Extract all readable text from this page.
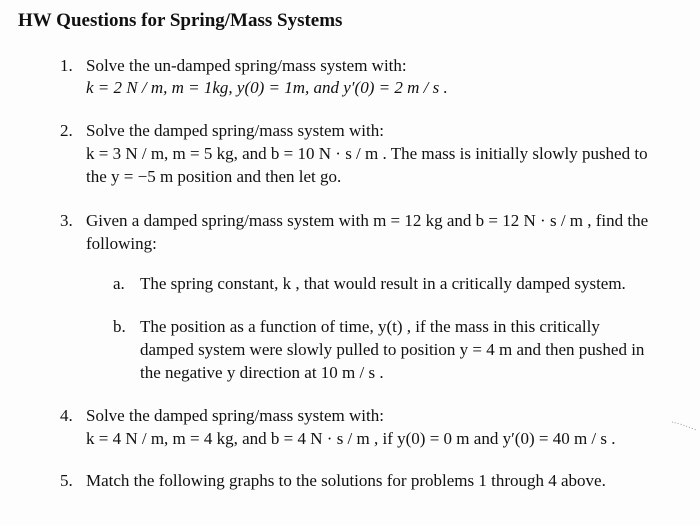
HW Questions for Spring/Mass Systems
1. Solve the un-damped spring/mass system with:
k = 2 N / m, m = 1kg, y(0) = 1m, and y′(0) = 2 m / s .
2. Solve the damped spring/mass system with:
k = 3 N / m, m = 5 kg, and b = 10 N · s / m . The mass is initially slowly pushed to
the y = −5 m position and then let go.
3. Given a damped spring/mass system with m = 12 kg and b = 12 N · s / m , find the
following:
a. The spring constant, k , that would result in a critically damped system.
b. The position as a function of time, y(t) , if the mass in this critically
damped system were slowly pulled to position y = 4 m and then pushed in
the negative y direction at 10 m / s .
4. Solve the damped spring/mass system with:
k = 4 N / m, m = 4 kg, and b = 4 N · s / m , if y(0) = 0 m and y′(0) = 40 m / s .
5. Match the following graphs to the solutions for problems 1 through 4 above.
